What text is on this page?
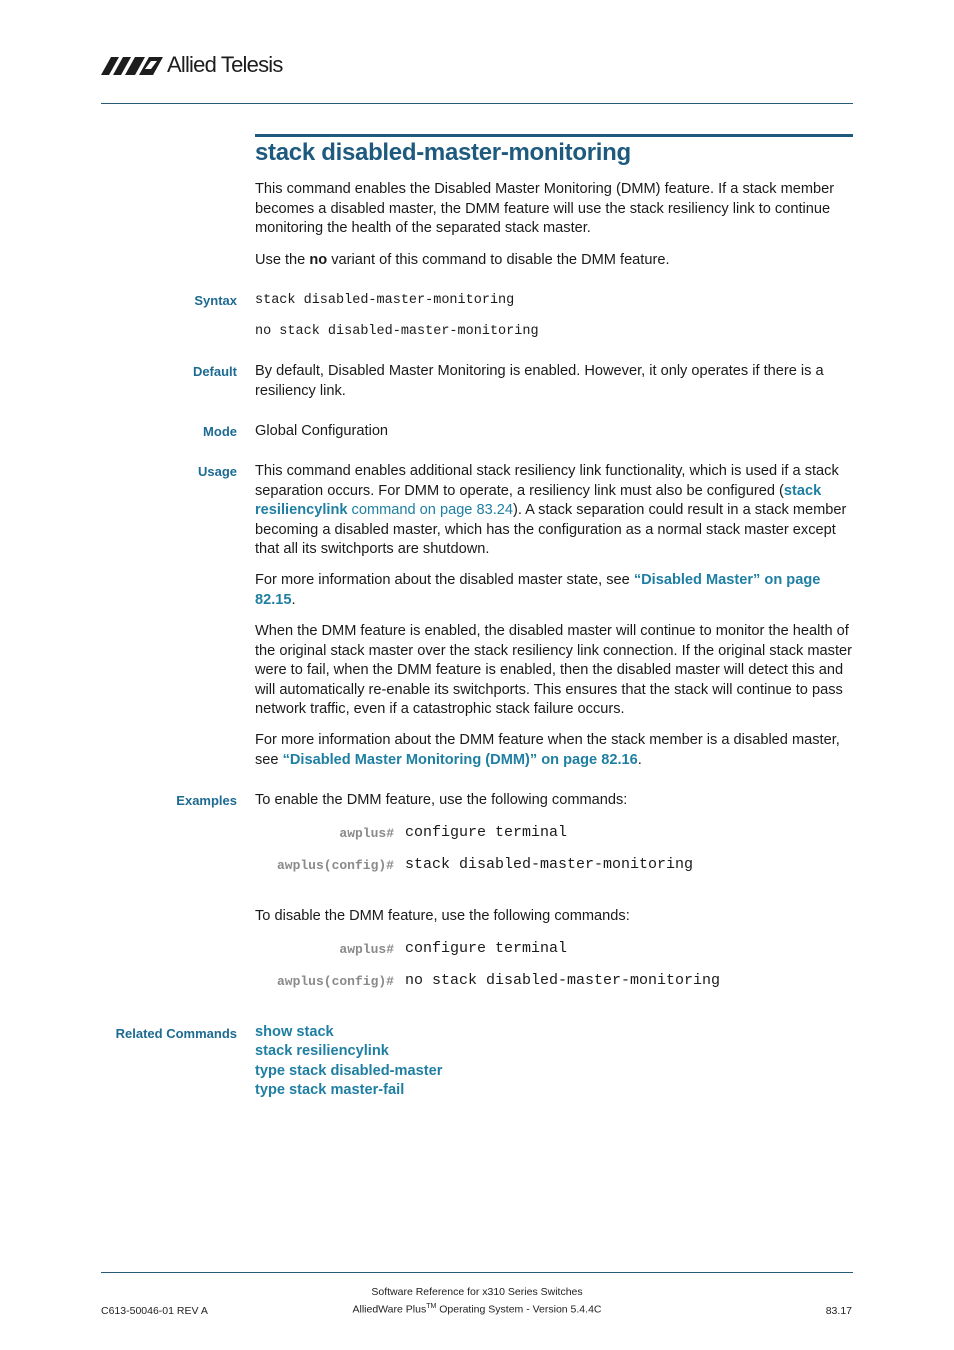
Allied Telesis
stack disabled-master-monitoring
This command enables the Disabled Master Monitoring (DMM) feature. If a stack member becomes a disabled master, the DMM feature will use the stack resiliency link to continue monitoring the health of the separated stack master.
Use the no variant of this command to disable the DMM feature.
Syntax stack disabled-master-monitoring
no stack disabled-master-monitoring
Default By default, Disabled Master Monitoring is enabled. However, it only operates if there is a resiliency link.
Mode Global Configuration
Usage This command enables additional stack resiliency link functionality, which is used if a stack separation occurs. For DMM to operate, a resiliency link must also be configured (stack resiliencylink command on page 83.24). A stack separation could result in a stack member becoming a disabled master, which has the configuration as a normal stack master except that all its switchports are shutdown.
For more information about the disabled master state, see “Disabled Master” on page 82.15.
When the DMM feature is enabled, the disabled master will continue to monitor the health of the original stack master over the stack resiliency link connection. If the original stack master were to fail, when the DMM feature is enabled, then the disabled master will detect this and will automatically re-enable its switchports. This ensures that the stack will continue to pass network traffic, even if a catastrophic stack failure occurs.
For more information about the DMM feature when the stack member is a disabled master, see “Disabled Master Monitoring (DMM)” on page 82.16.
Examples To enable the DMM feature, use the following commands:
awplus# configure terminal
awplus(config)# stack disabled-master-monitoring
To disable the DMM feature, use the following commands:
awplus# configure terminal
awplus(config)# no stack disabled-master-monitoring
Related Commands show stack
stack resiliencylink
type stack disabled-master
type stack master-fail
Software Reference for x310 Series Switches
AlliedWare Plus™ Operating System - Version 5.4.4C
C613-50046-01 REV A	83.17
